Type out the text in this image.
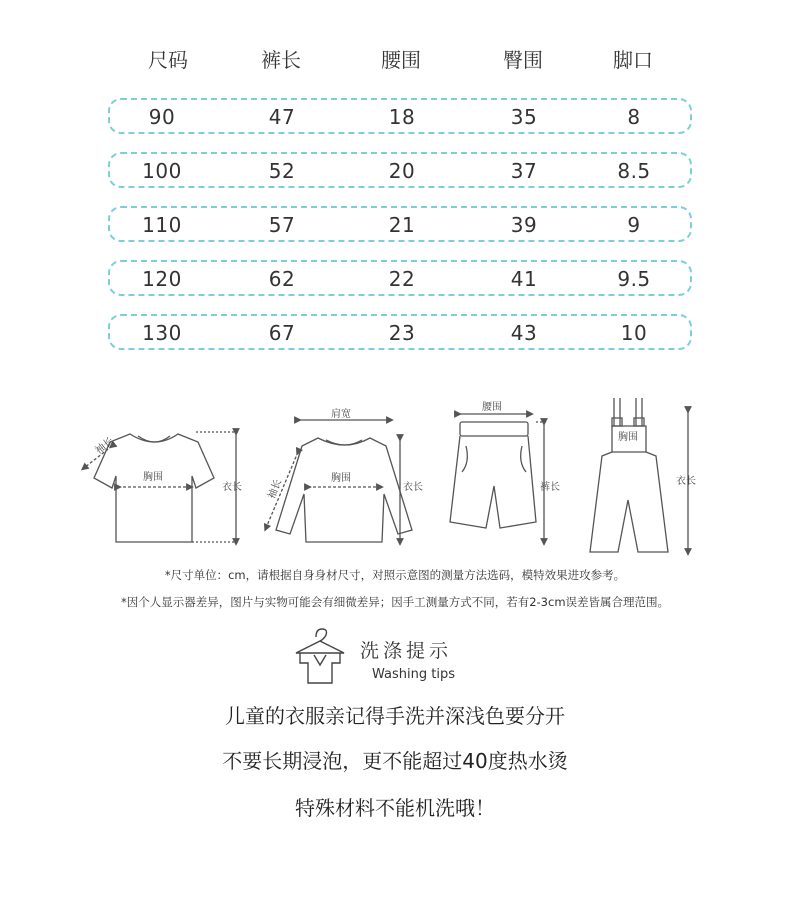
尺码	裤长	腰围	臀围	脚口
90	47	18	35	8
100	52	20	37	8.5
110	57	21	39	9
120	62	22	41	9.5
130	67	23	43	10
袖长
胸围
衣长
肩宽
袖长	胸围
衣长
腰围
裤长
胸围
衣长
*尺寸单位：cm，请根据自身身材尺寸，对照示意图的测量方法选码，模特效果进攻参考。
*因个人显示器差异，图片与实物可能会有细微差异；因手工测量方式不同，若有2-3cm误差皆属合理范围。
洗涤提示
Washing tips
儿童的衣服亲记得手洗并深浅色要分开
不要长期浸泡，更不能超过40度热水烫
特殊材料不能机洗哦！
